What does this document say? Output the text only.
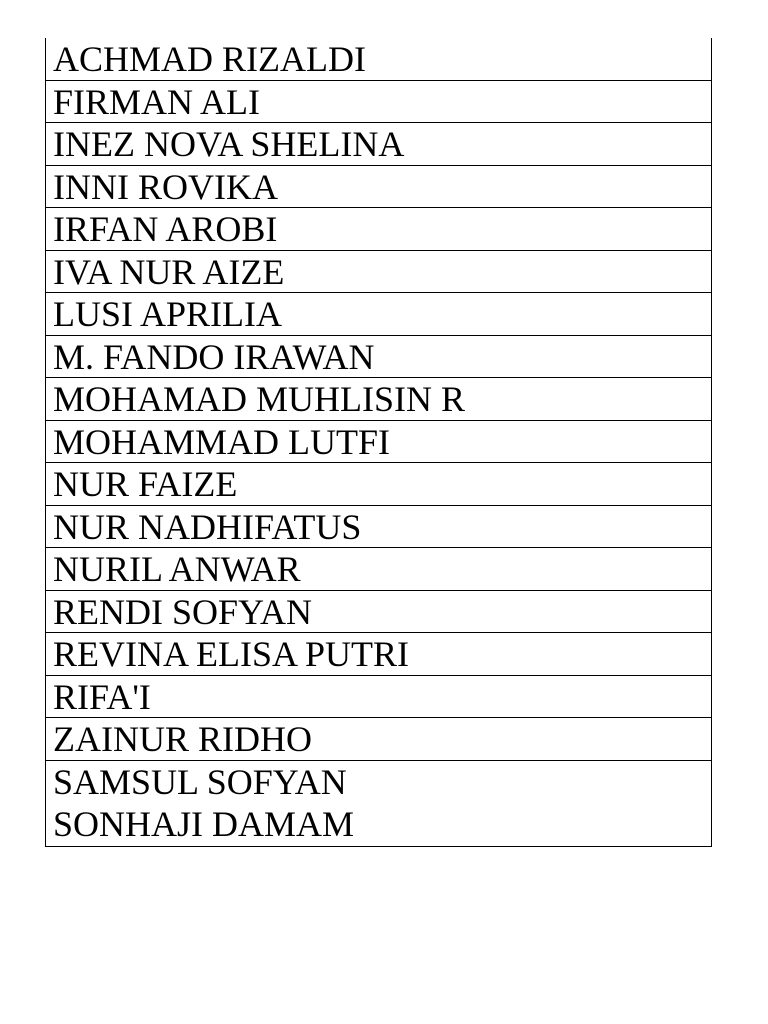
ACHMAD RIZALDI
FIRMAN ALI
INEZ NOVA SHELINA
INNI ROVIKA
IRFAN AROBI
IVA NUR AIZE
LUSI APRILIA
M. FANDO IRAWAN
MOHAMAD MUHLISIN R
MOHAMMAD LUTFI
NUR FAIZE
NUR NADHIFATUS
NURIL ANWAR
RENDI SOFYAN
REVINA ELISA PUTRI
RIFA'I
ZAINUR RIDHO
SAMSUL SOFYAN
SONHAJI DAMAM
